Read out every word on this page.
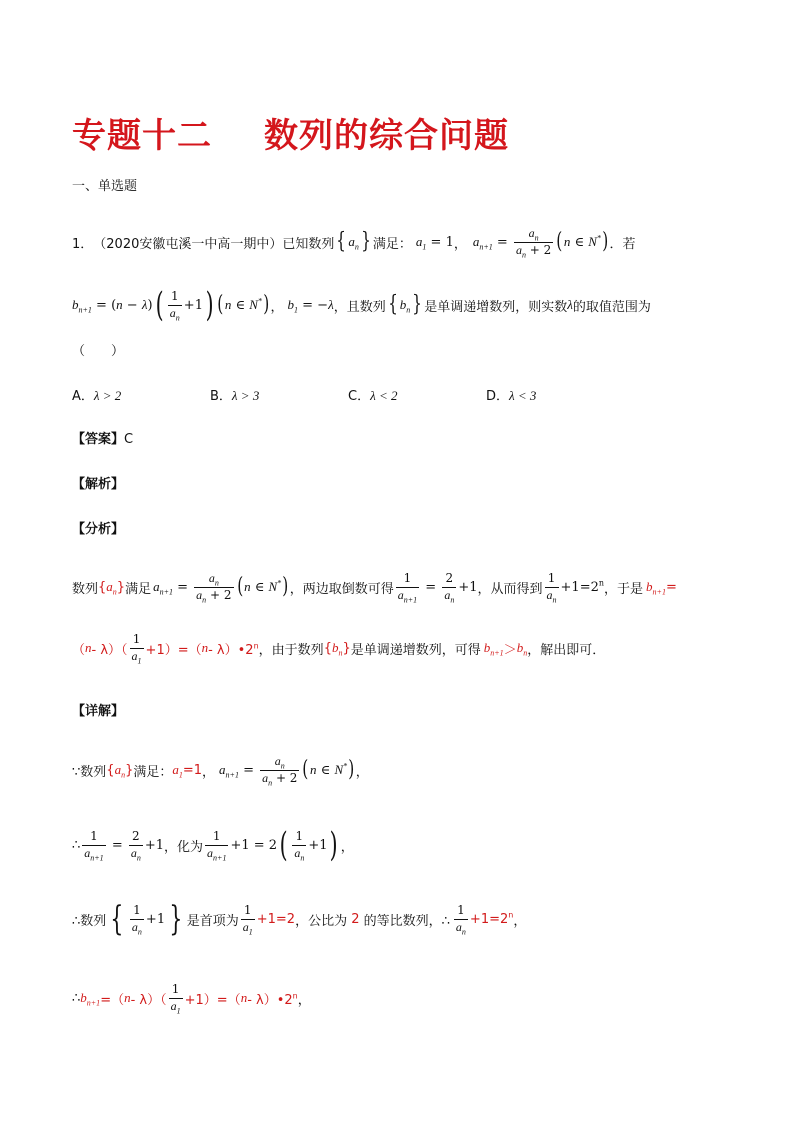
专题十二 数列的综合问题
一、单选题
1． （2020安徽屯溪一中高一期中） 已知数列 { $a_n$ } 满足： $a_1 = 1$ ， $a_{n+1} = \frac{a_n}{a_n + 2}$ ( n ∈ N* ) ． 若
$b_{n+1}$ = ( n − λ ) ( $\frac{1}{a_n} +1$ ) ( n ∈ N* ) ， $b_1$ = − λ ，且数列 { $b_n$ } 是单调递增数列，则实数 λ 的取值范围为
（　　）
A．λ > 2	B．λ > 3	C．λ < 2	D．λ < 3
【答案】C
【解析】
【分析】
数列 $\{a_n\}$ 满足 $a_{n+1} = \frac{a_n}{a_n + 2}$ ( n ∈ N* ) ，两边取倒数可得 $\frac{1}{a_{n+1}} = \frac{2}{a_n} +1$ ，从而得到 $\frac{1}{a_n} +1=2^n$ ， 于是 $b_{n+1}$ =
（ $n - \lambda)( \frac{1}{a_1} +1)=$（ n - λ）•2$^n$ ， 由于数列 $\{b_n\}$ 是单调递增数列，可得 $b_{n+1} > b_n$ ，解出即可．
【详解】
∵数列 $\{a_n\}$ 满足： $a_1 =1$ ， $a_{n+1} = \frac{a_n}{a_n + 2}$ ( n ∈ N* ) ，
∴ $\frac{1}{a_{n+1}} = \frac{2}{a_n} +1$ ，化为 $\frac{1}{a_{n+1}} +1 = 2$ ( $\frac{1}{a_n} +1$ ) ，
∴数列 { $\frac{1}{a_n} +1$ } 是首项为 $\frac{1}{a_1} +1=2$ ，公比为 2 的等比数列，∴ $\frac{1}{a_n} +1=2^n$ ，
∴ $b_{n+1}$ =（ $n - \lambda)( \frac{1}{a_1} +1)=$（ n - λ）•2$^n$ ，
